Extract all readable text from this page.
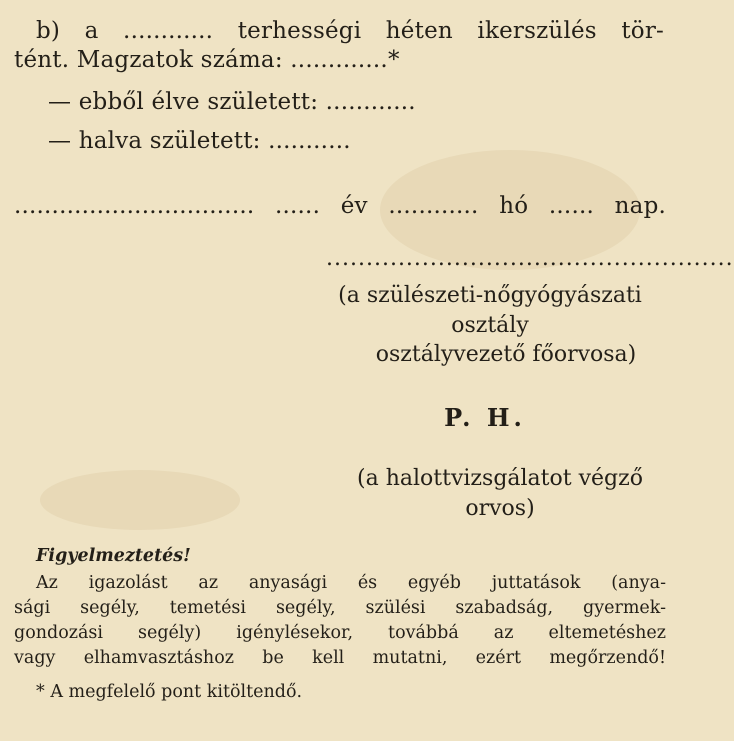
b) a ............ terhességi héten ikerszülés tör-
tént. Magzatok száma: .............*
— ebből élve született: ............
— halva született: ...........
................................ ...... év ............ hó ...... nap.
...................................................
(a szülészeti-nőgyógyászati
osztály
osztályvezető főorvosa)
P. H.
(a halottvizsgálatot végző
orvos)
Figyelmeztetés!
Az igazolást az anyasági és egyéb juttatások (anya-
sági segély, temetési segély, szülési szabadság, gyermek-
gondozási segély) igénylésekor, továbbá az eltemetéshez
vagy elhamvasztáshoz be kell mutatni, ezért megőrzendő!
* A megfelelő pont kitöltendő.
